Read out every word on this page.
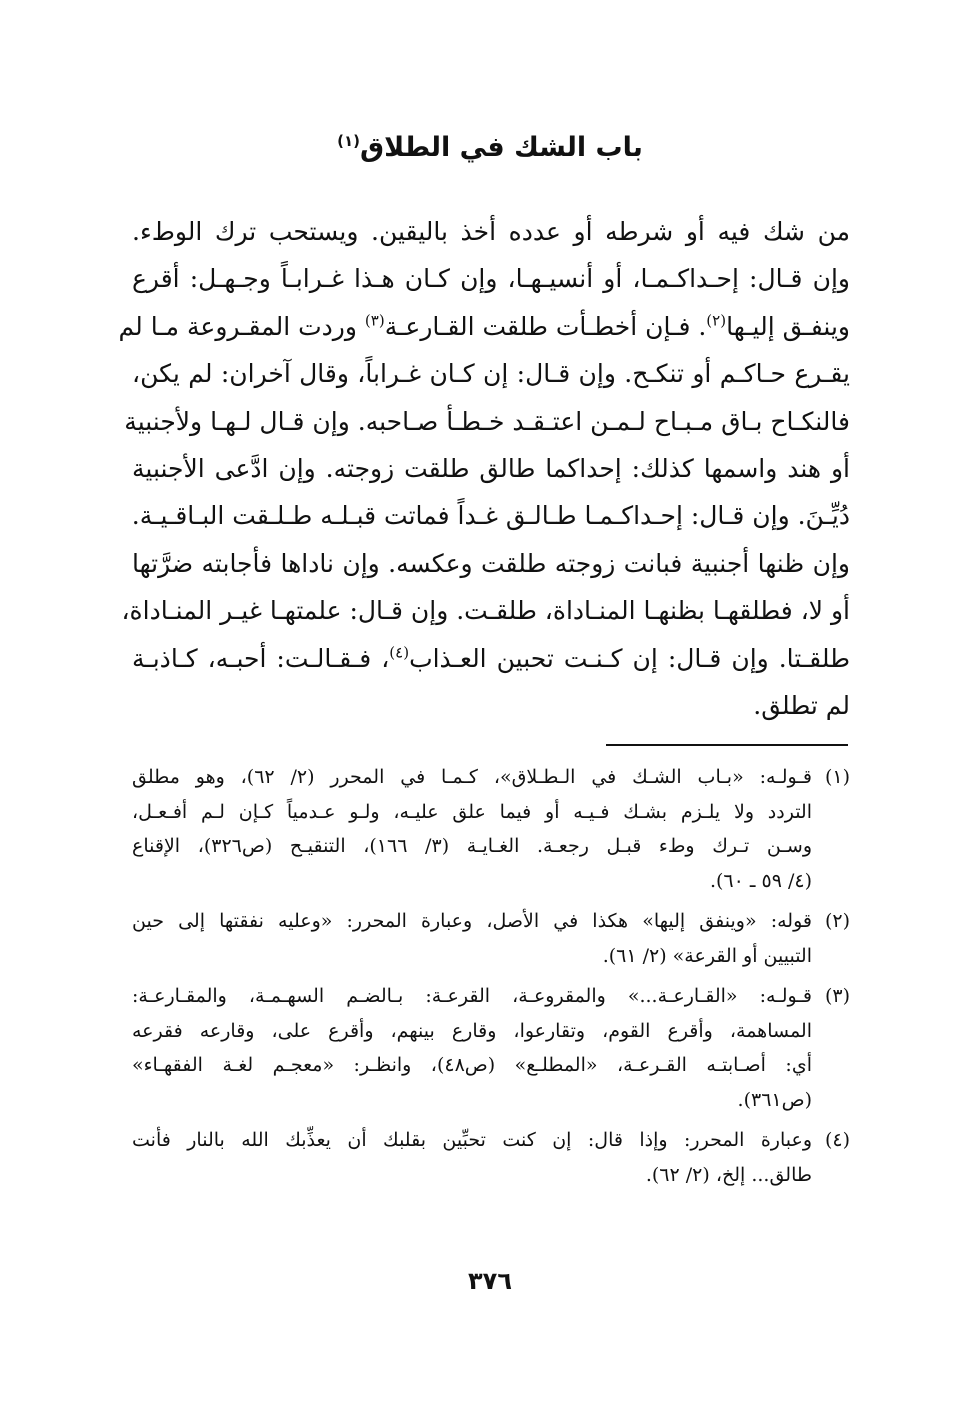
باب الشك في الطلاق$^{(١)}$
من شك فيه أو شرطه أو عدده أخذ باليقين. ويستحب ترك الوطء.
وإن قـال: إحـداكـمـا، أو أنسيـهـا، وإن كـان هـذا غـرابـاً وجـهـل: أقرع
وينفـق إليـها$^{(٢)}$. فـإن أخطـأت طلقت القـارعـة$^{(٣)}$ وردت المقـروعة مـا لم
يقـرع حـاكـم أو تنكـح. وإن قـال: إن كـان غـراباً، وقال آخران: لم يكن،
فالنكـاح بـاق مـبـاح لـمـن اعتـقـد خـطـأ صـاحبه. وإن قـال لـهـا ولأجنبية
أو هند واسمها كذلك: إحداكما طالق طلقت زوجته. وإن ادَّعى الأجنبية
دُيِّـنَ. وإن قـال: إحـداكـمـا طـالـق غـداً فماتت قبـلـه طـلـقت البـاقـيـة.
وإن ظنها أجنبية فبانت زوجته طلقت وعكسه. وإن ناداها فأجابته ضرَّتها
أو لا، فطلقهـا بظنهـا المنـاداة، طلقـت. وإن قـال: علمتهـا غيـر المنـاداة،
طلقـتا. وإن قـال: إن كـنـت تحبين العـذاب$^{(٤)}$، فـقـالـت: أحبـه، كـاذبـة
لم تطلق.
(١)
قـولـه: «بـاب الشـك في الـطـلاق»، كـمـا في المحرر (٢/ ٦٢)، وهو مطلق
التردد ولا يلـزم بشـك فـيـه أو فيما علق عليـه، ولـو عـدمياً كـإن لـم أفـعـل،
وسـن تـرك وطء قبـل رجعـة. الغـايـة (٣/ ١٦٦)، التنقيـح (ص٣٢٦)، الإقناع
(٤/ ٥٩ ـ ٦٠).
(٢)
قوله: «وينفق إليها» هكذا في الأصل، وعبارة المحرر: «وعليه نفقتها إلى حين
التبيين أو القرعة» (٢/ ٦١).
(٣)
قـولـه: «القـارعـة...» والمقروعـة، القرعـة: بـالضـم السهـمـة، والمقـارعـة:
المساهمة، وأقرع القوم، وتقارعوا، وقارع بينهم، وأقرع على، وقارعه فقرعه
أي: أصـابتـه القـرعـة، «المطلـع» (ص٤٨)، وانظـر: «معجـم لغـة الفقهـاء»
(ص٣٦١).
(٤)
وعبارة المحرر: وإذا قال: إن كنت تحبِّين بقلبك أن يعذِّبك الله بالنار فأنت
طالق... إلخ، (٢/ ٦٢).
٣٧٦
